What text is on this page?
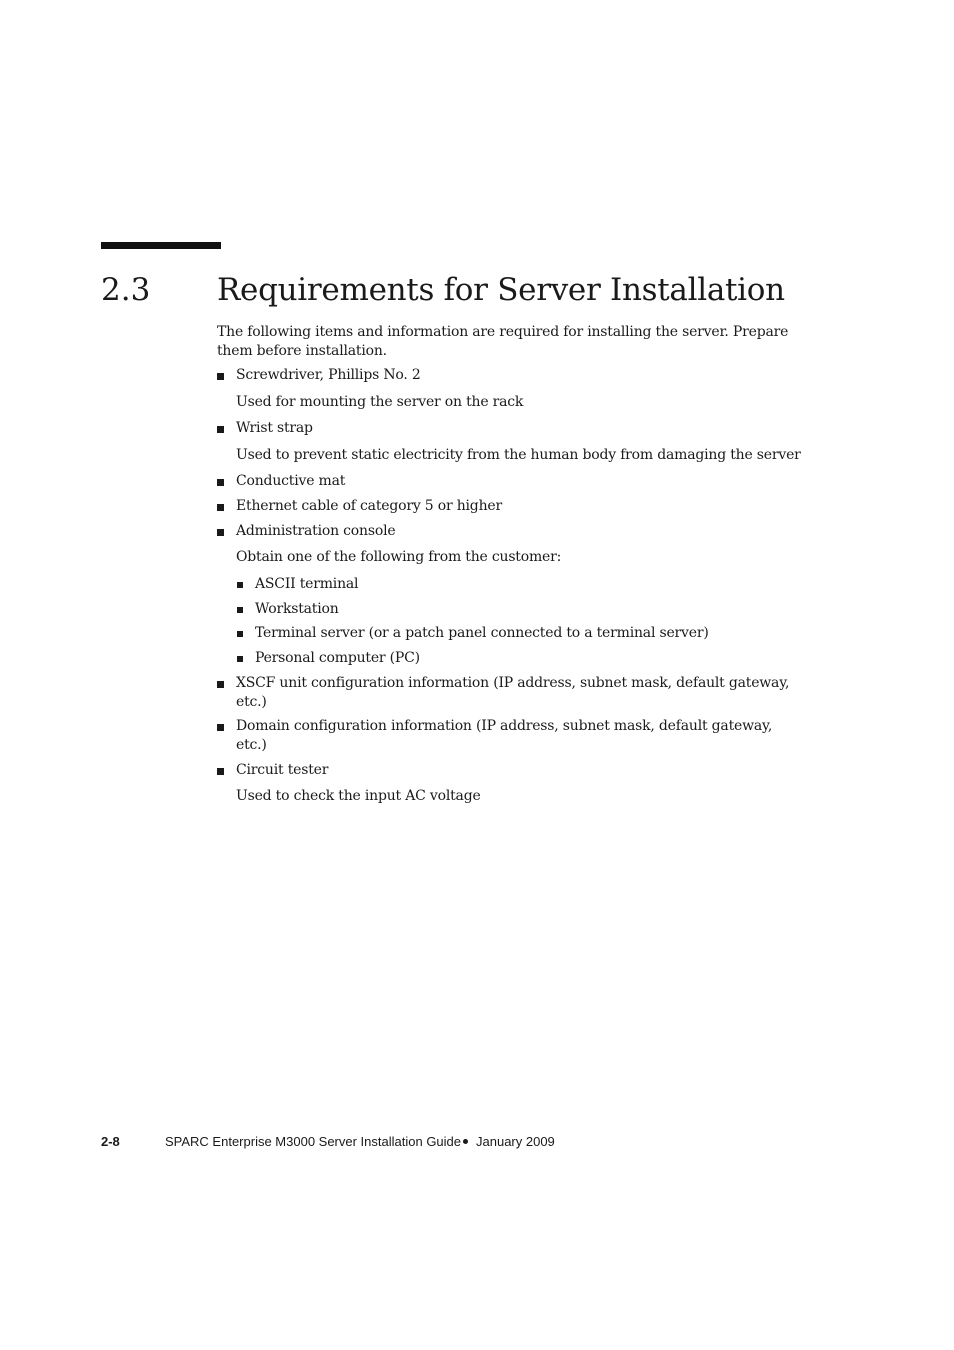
2.3 Requirements for Server Installation

The following items and information are required for installing the server. Prepare them before installation.

Screwdriver, Phillips No. 2
Used for mounting the server on the rack
Wrist strap
Used to prevent static electricity from the human body from damaging the server
Conductive mat
Ethernet cable of category 5 or higher
Administration console
Obtain one of the following from the customer:
ASCII terminal
Workstation
Terminal server (or a patch panel connected to a terminal server)
Personal computer (PC)
XSCF unit configuration information (IP address, subnet mask, default gateway, etc.)
Domain configuration information (IP address, subnet mask, default gateway, etc.)
Circuit tester
Used to check the input AC voltage
2-8	SPARC Enterprise M3000 Server Installation Guide January 2009
